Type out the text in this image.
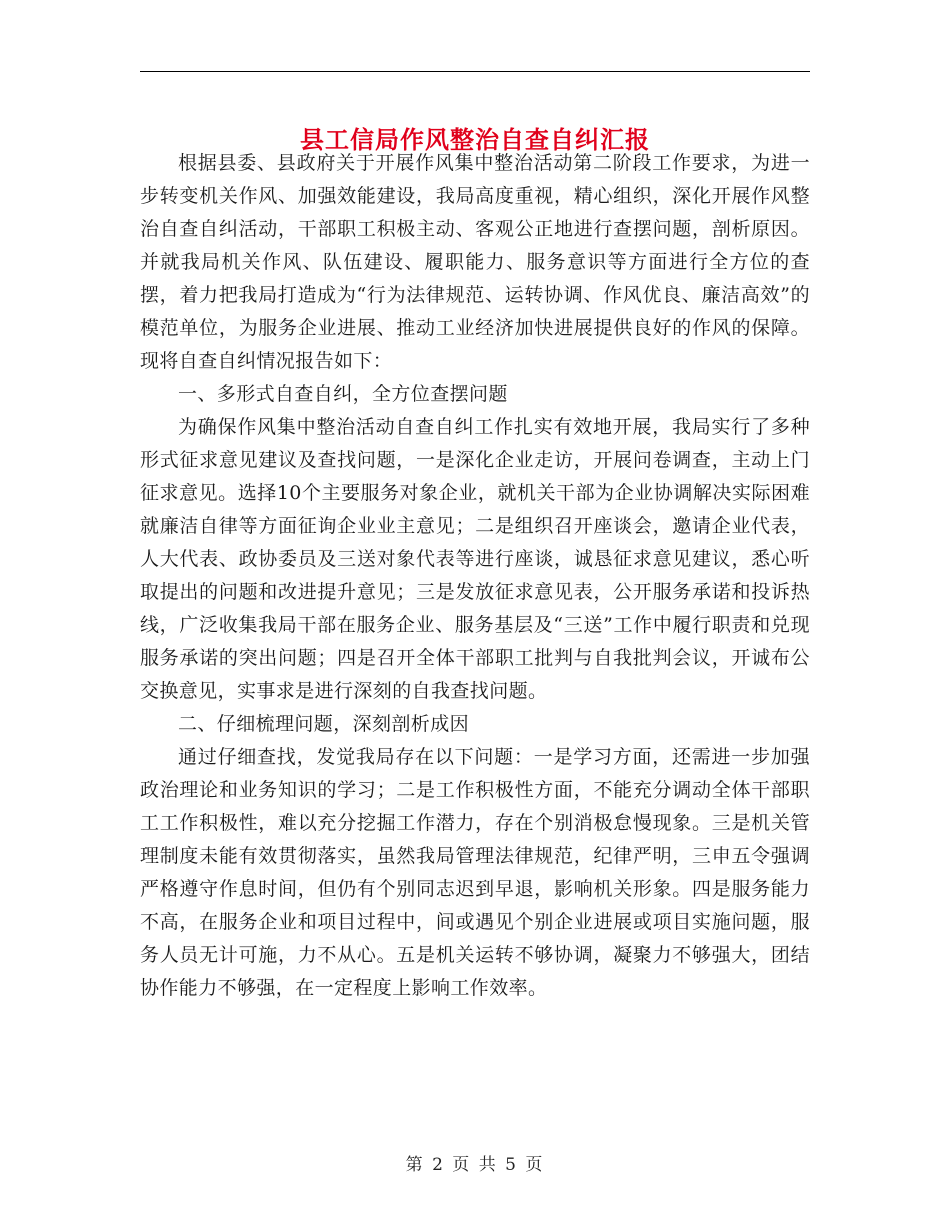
县工信局作风整治自查自纠汇报

根据县委、县政府关于开展作风集中整治活动第二阶段工作要求，为进一步转变机关作风、加强效能建设，我局高度重视，精心组织，深化开展作风整治自查自纠活动，干部职工积极主动、客观公正地进行查摆问题，剖析原因。并就我局机关作风、队伍建设、履职能力、服务意识等方面进行全方位的查摆，着力把我局打造成为“行为法律规范、运转协调、作风优良、廉洁高效”的模范单位，为服务企业进展、推动工业经济加快进展提供良好的作风的保障。现将自查自纠情况报告如下：

一、多形式自查自纠，全方位查摆问题

为确保作风集中整治活动自查自纠工作扎实有效地开展，我局实行了多种形式征求意见建议及查找问题，一是深化企业走访，开展问卷调查，主动上门征求意见。选择10个主要服务对象企业，就机关干部为企业协调解决实际困难就廉洁自律等方面征询企业业主意见；二是组织召开座谈会，邀请企业代表，人大代表、政协委员及三送对象代表等进行座谈，诚恳征求意见建议，悉心听取提出的问题和改进提升意见；三是发放征求意见表，公开服务承诺和投诉热线，广泛收集我局干部在服务企业、服务基层及“三送”工作中履行职责和兑现服务承诺的突出问题；四是召开全体干部职工批判与自我批判会议，开诚布公交换意见，实事求是进行深刻的自我查找问题。

二、仔细梳理问题，深刻剖析成因

通过仔细查找，发觉我局存在以下问题：一是学习方面，还需进一步加强政治理论和业务知识的学习；二是工作积极性方面，不能充分调动全体干部职工工作积极性，难以充分挖掘工作潜力，存在个别消极怠慢现象。三是机关管理制度未能有效贯彻落实，虽然我局管理法律规范，纪律严明，三申五令强调严格遵守作息时间，但仍有个别同志迟到早退，影响机关形象。四是服务能力不高，在服务企业和项目过程中，间或遇见个别企业进展或项目实施问题，服务人员无计可施，力不从心。五是机关运转不够协调，凝聚力不够强大，团结协作能力不够强，在一定程度上影响工作效率。

第 2 页 共 5 页
